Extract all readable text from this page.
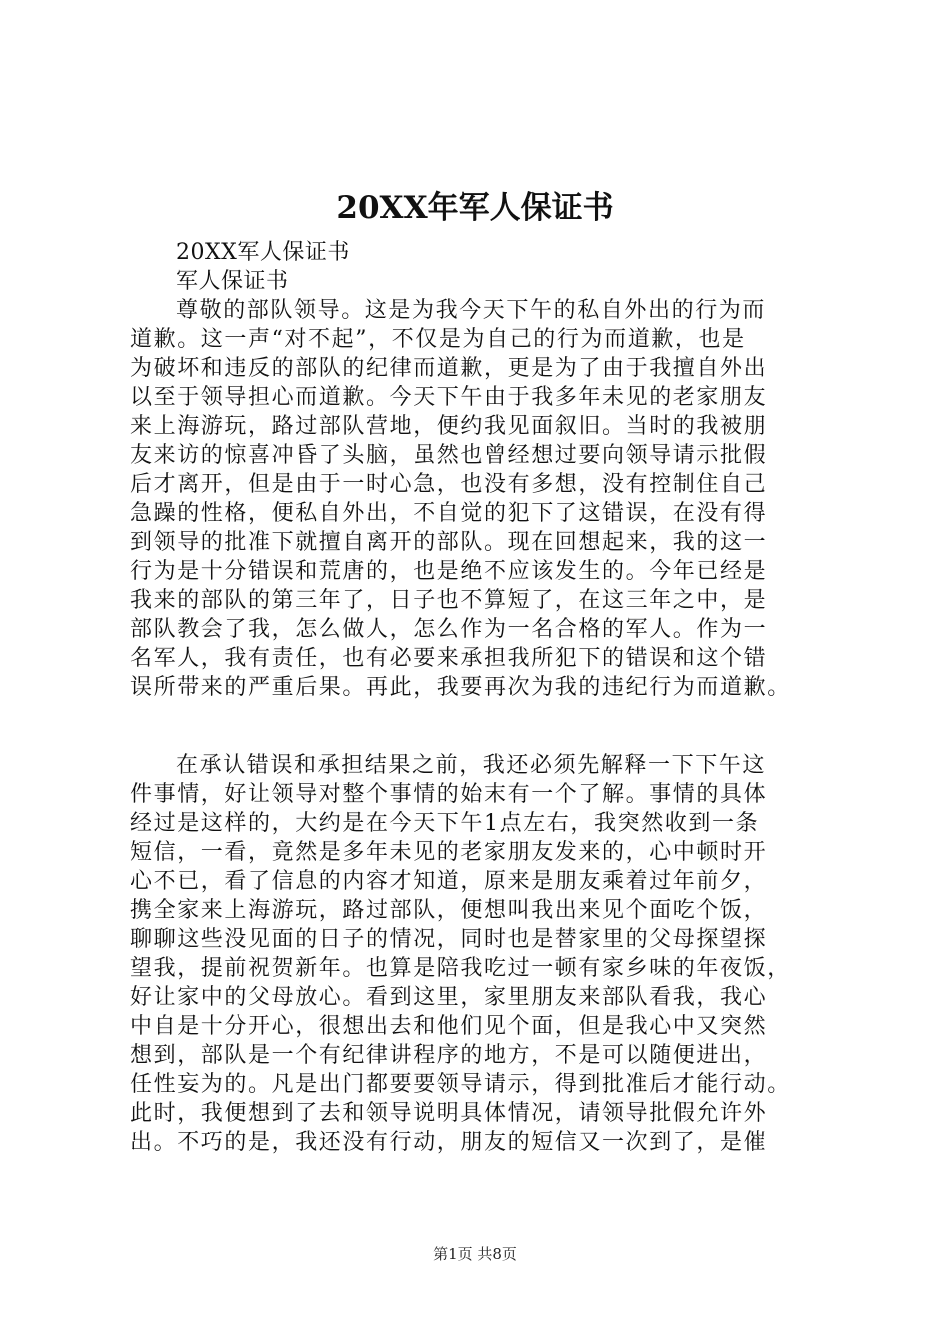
20XX年军人保证书
20XX军人保证书
军人保证书
尊敬的部队领导。这是为我今天下午的私自外出的行为而
道歉。这一声“对不起”，不仅是为自己的行为而道歉，也是
为破坏和违反的部队的纪律而道歉，更是为了由于我擅自外出
以至于领导担心而道歉。今天下午由于我多年未见的老家朋友
来上海游玩，路过部队营地，便约我见面叙旧。当时的我被朋
友来访的惊喜冲昏了头脑，虽然也曾经想过要向领导请示批假
后才离开，但是由于一时心急，也没有多想，没有控制住自己
急躁的性格，便私自外出，不自觉的犯下了这错误，在没有得
到领导的批准下就擅自离开的部队。现在回想起来，我的这一
行为是十分错误和荒唐的，也是绝不应该发生的。今年已经是
我来的部队的第三年了，日子也不算短了，在这三年之中，是
部队教会了我，怎么做人，怎么作为一名合格的军人。作为一
名军人，我有责任，也有必要来承担我所犯下的错误和这个错
误所带来的严重后果。再此，我要再次为我的违纪行为而道歉。
在承认错误和承担结果之前，我还必须先解释一下下午这
件事情，好让领导对整个事情的始末有一个了解。事情的具体
经过是这样的，大约是在今天下午1点左右，我突然收到一条
短信，一看，竟然是多年未见的老家朋友发来的，心中顿时开
心不已，看了信息的内容才知道，原来是朋友乘着过年前夕，
携全家来上海游玩，路过部队，便想叫我出来见个面吃个饭，
聊聊这些没见面的日子的情况，同时也是替家里的父母探望探
望我，提前祝贺新年。也算是陪我吃过一顿有家乡味的年夜饭，
好让家中的父母放心。看到这里，家里朋友来部队看我，我心
中自是十分开心，很想出去和他们见个面，但是我心中又突然
想到，部队是一个有纪律讲程序的地方，不是可以随便进出，
任性妄为的。凡是出门都要要领导请示，得到批准后才能行动。
此时，我便想到了去和领导说明具体情况，请领导批假允许外
出。不巧的是，我还没有行动，朋友的短信又一次到了，是催
第1页 共8页
